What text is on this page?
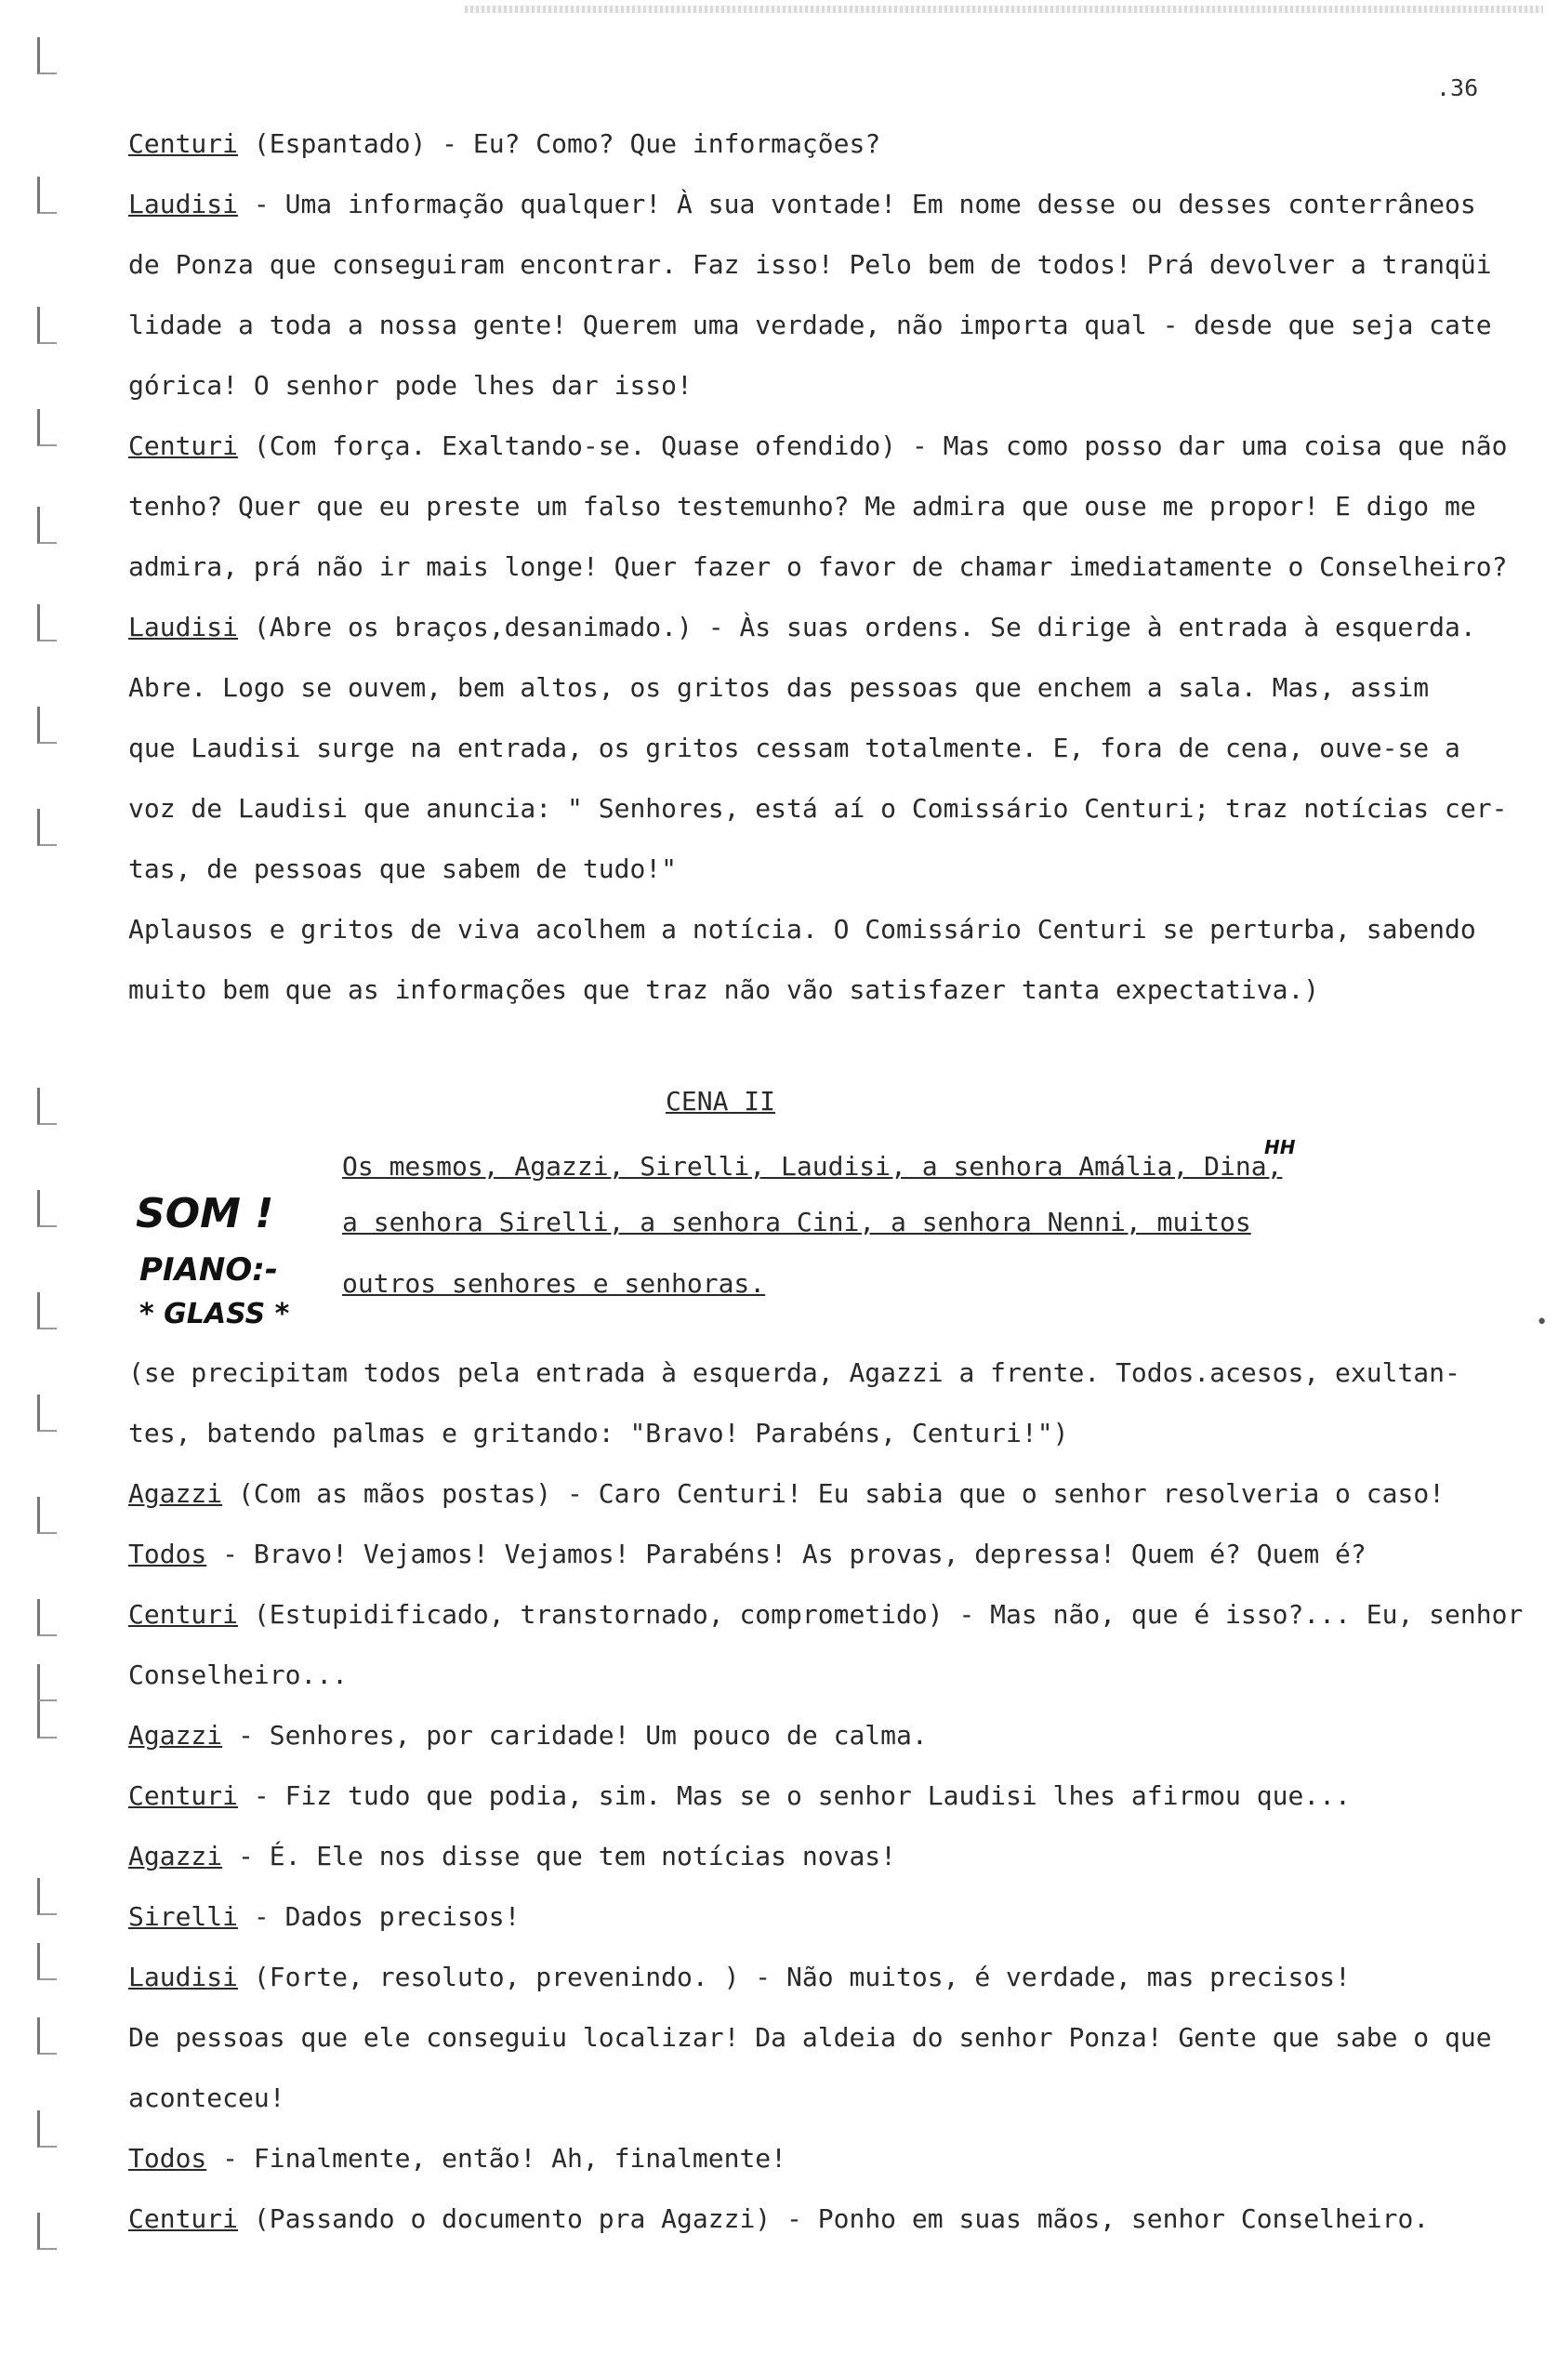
.36
Centuri (Espantado) - Eu? Como? Que informações?
Laudisi - Uma informação qualquer! À sua vontade! Em nome desse ou desses conterrâneos
de Ponza que conseguiram encontrar. Faz isso! Pelo bem de todos! Prá devolver a tranqüi
lidade a toda a nossa gente! Querem uma verdade, não importa qual - desde que seja cate
górica! O senhor pode lhes dar isso!
Centuri (Com força. Exaltando-se. Quase ofendido) - Mas como posso dar uma coisa que não
tenho? Quer que eu preste um falso testemunho? Me admira que ouse me propor! E digo me
admira, prá não ir mais longe! Quer fazer o favor de chamar imediatamente o Conselheiro?
Laudisi (Abre os braços,desanimado.) - Às suas ordens. Se dirige à entrada à esquerda.
Abre. Logo se ouvem, bem altos, os gritos das pessoas que enchem a sala. Mas, assim
que Laudisi surge na entrada, os gritos cessam totalmente. E, fora de cena, ouve-se a
voz de Laudisi que anuncia: " Senhores, está aí o Comissário Centuri; traz notícias cer-
tas, de pessoas que sabem de tudo!"
Aplausos e gritos de viva acolhem a notícia. O Comissário Centuri se perturba, sabendo
muito bem que as informações que traz não vão satisfazer tanta expectativa.)
CENA II
Os mesmos, Agazzi, Sirelli, Laudisi, a senhora Amália, Dina,
a senhora Sirelli, a senhora Cini, a senhora Nenni, muitos
outros senhores e senhoras.
SOM !
PIANO:-
* GLASS *
HH
(se precipitam todos pela entrada à esquerda, Agazzi a frente. Todos.acesos, exultan-
tes, batendo palmas e gritando: "Bravo! Parabéns, Centuri!")
Agazzi (Com as mãos postas) - Caro Centuri! Eu sabia que o senhor resolveria o caso!
Todos - Bravo! Vejamos! Vejamos! Parabéns! As provas, depressa! Quem é? Quem é?
Centuri (Estupidificado, transtornado, comprometido) - Mas não, que é isso?... Eu, senhor
Conselheiro...
Agazzi - Senhores, por caridade! Um pouco de calma.
Centuri - Fiz tudo que podia, sim. Mas se o senhor Laudisi lhes afirmou que...
Agazzi - É. Ele nos disse que tem notícias novas!
Sirelli - Dados precisos!
Laudisi (Forte, resoluto, prevenindo. ) - Não muitos, é verdade, mas precisos!
De pessoas que ele conseguiu localizar! Da aldeia do senhor Ponza! Gente que sabe o que
aconteceu!
Todos - Finalmente, então! Ah, finalmente!
Centuri (Passando o documento pra Agazzi) - Ponho em suas mãos, senhor Conselheiro.
•
